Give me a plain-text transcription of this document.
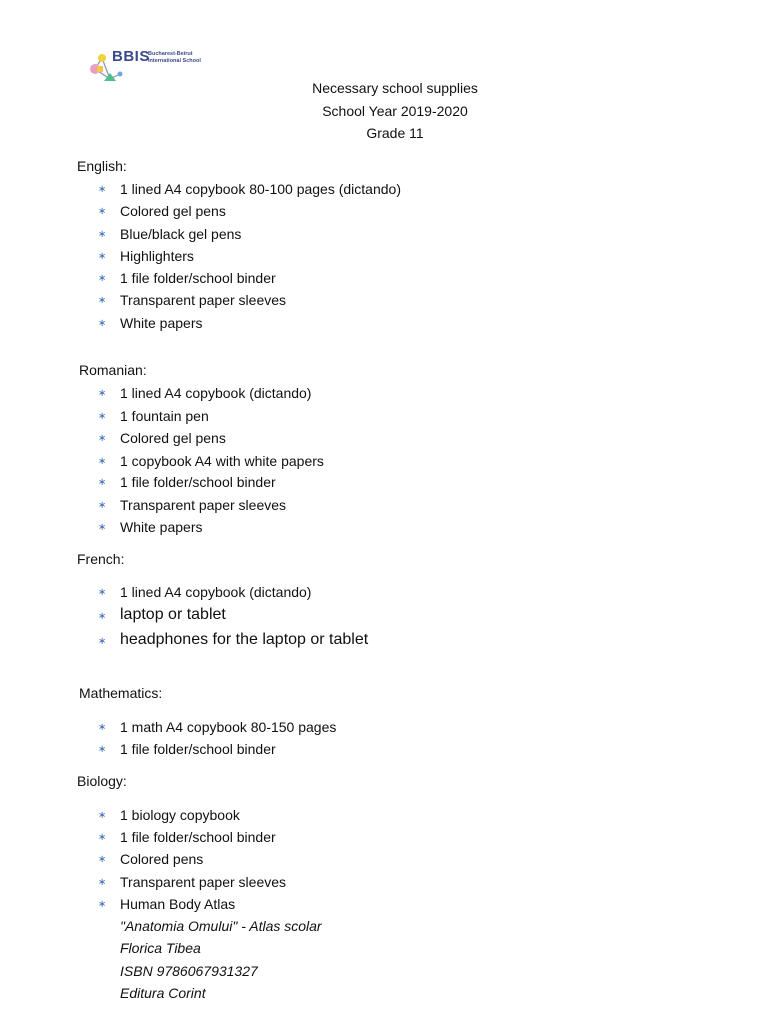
BBIS
Bucharest-Beirut
International School
Necessary school supplies
School Year 2019-2020
Grade 11
English:
∗ 1 lined A4 copybook 80-100 pages (dictando)
∗ Colored gel pens
∗ Blue/black gel pens
∗ Highlighters
∗ 1 file folder/school binder
∗ Transparent paper sleeves
∗ White papers
Romanian:
∗ 1 lined A4 copybook (dictando)
∗ 1 fountain pen
∗ Colored gel pens
∗ 1 copybook A4 with white papers
∗ 1 file folder/school binder
∗ Transparent paper sleeves
∗ White papers
French:
∗ 1 lined A4 copybook (dictando)
∗ laptop or tablet
∗ headphones for the laptop or tablet
Mathematics:
∗ 1 math A4 copybook 80-150 pages
∗ 1 file folder/school binder
Biology:
∗ 1 biology copybook
∗ 1 file folder/school binder
∗ Colored pens
∗ Transparent paper sleeves
∗ Human Body Atlas
"Anatomia Omului" - Atlas scolar
Florica Tibea
ISBN 9786067931327
Editura Corint
